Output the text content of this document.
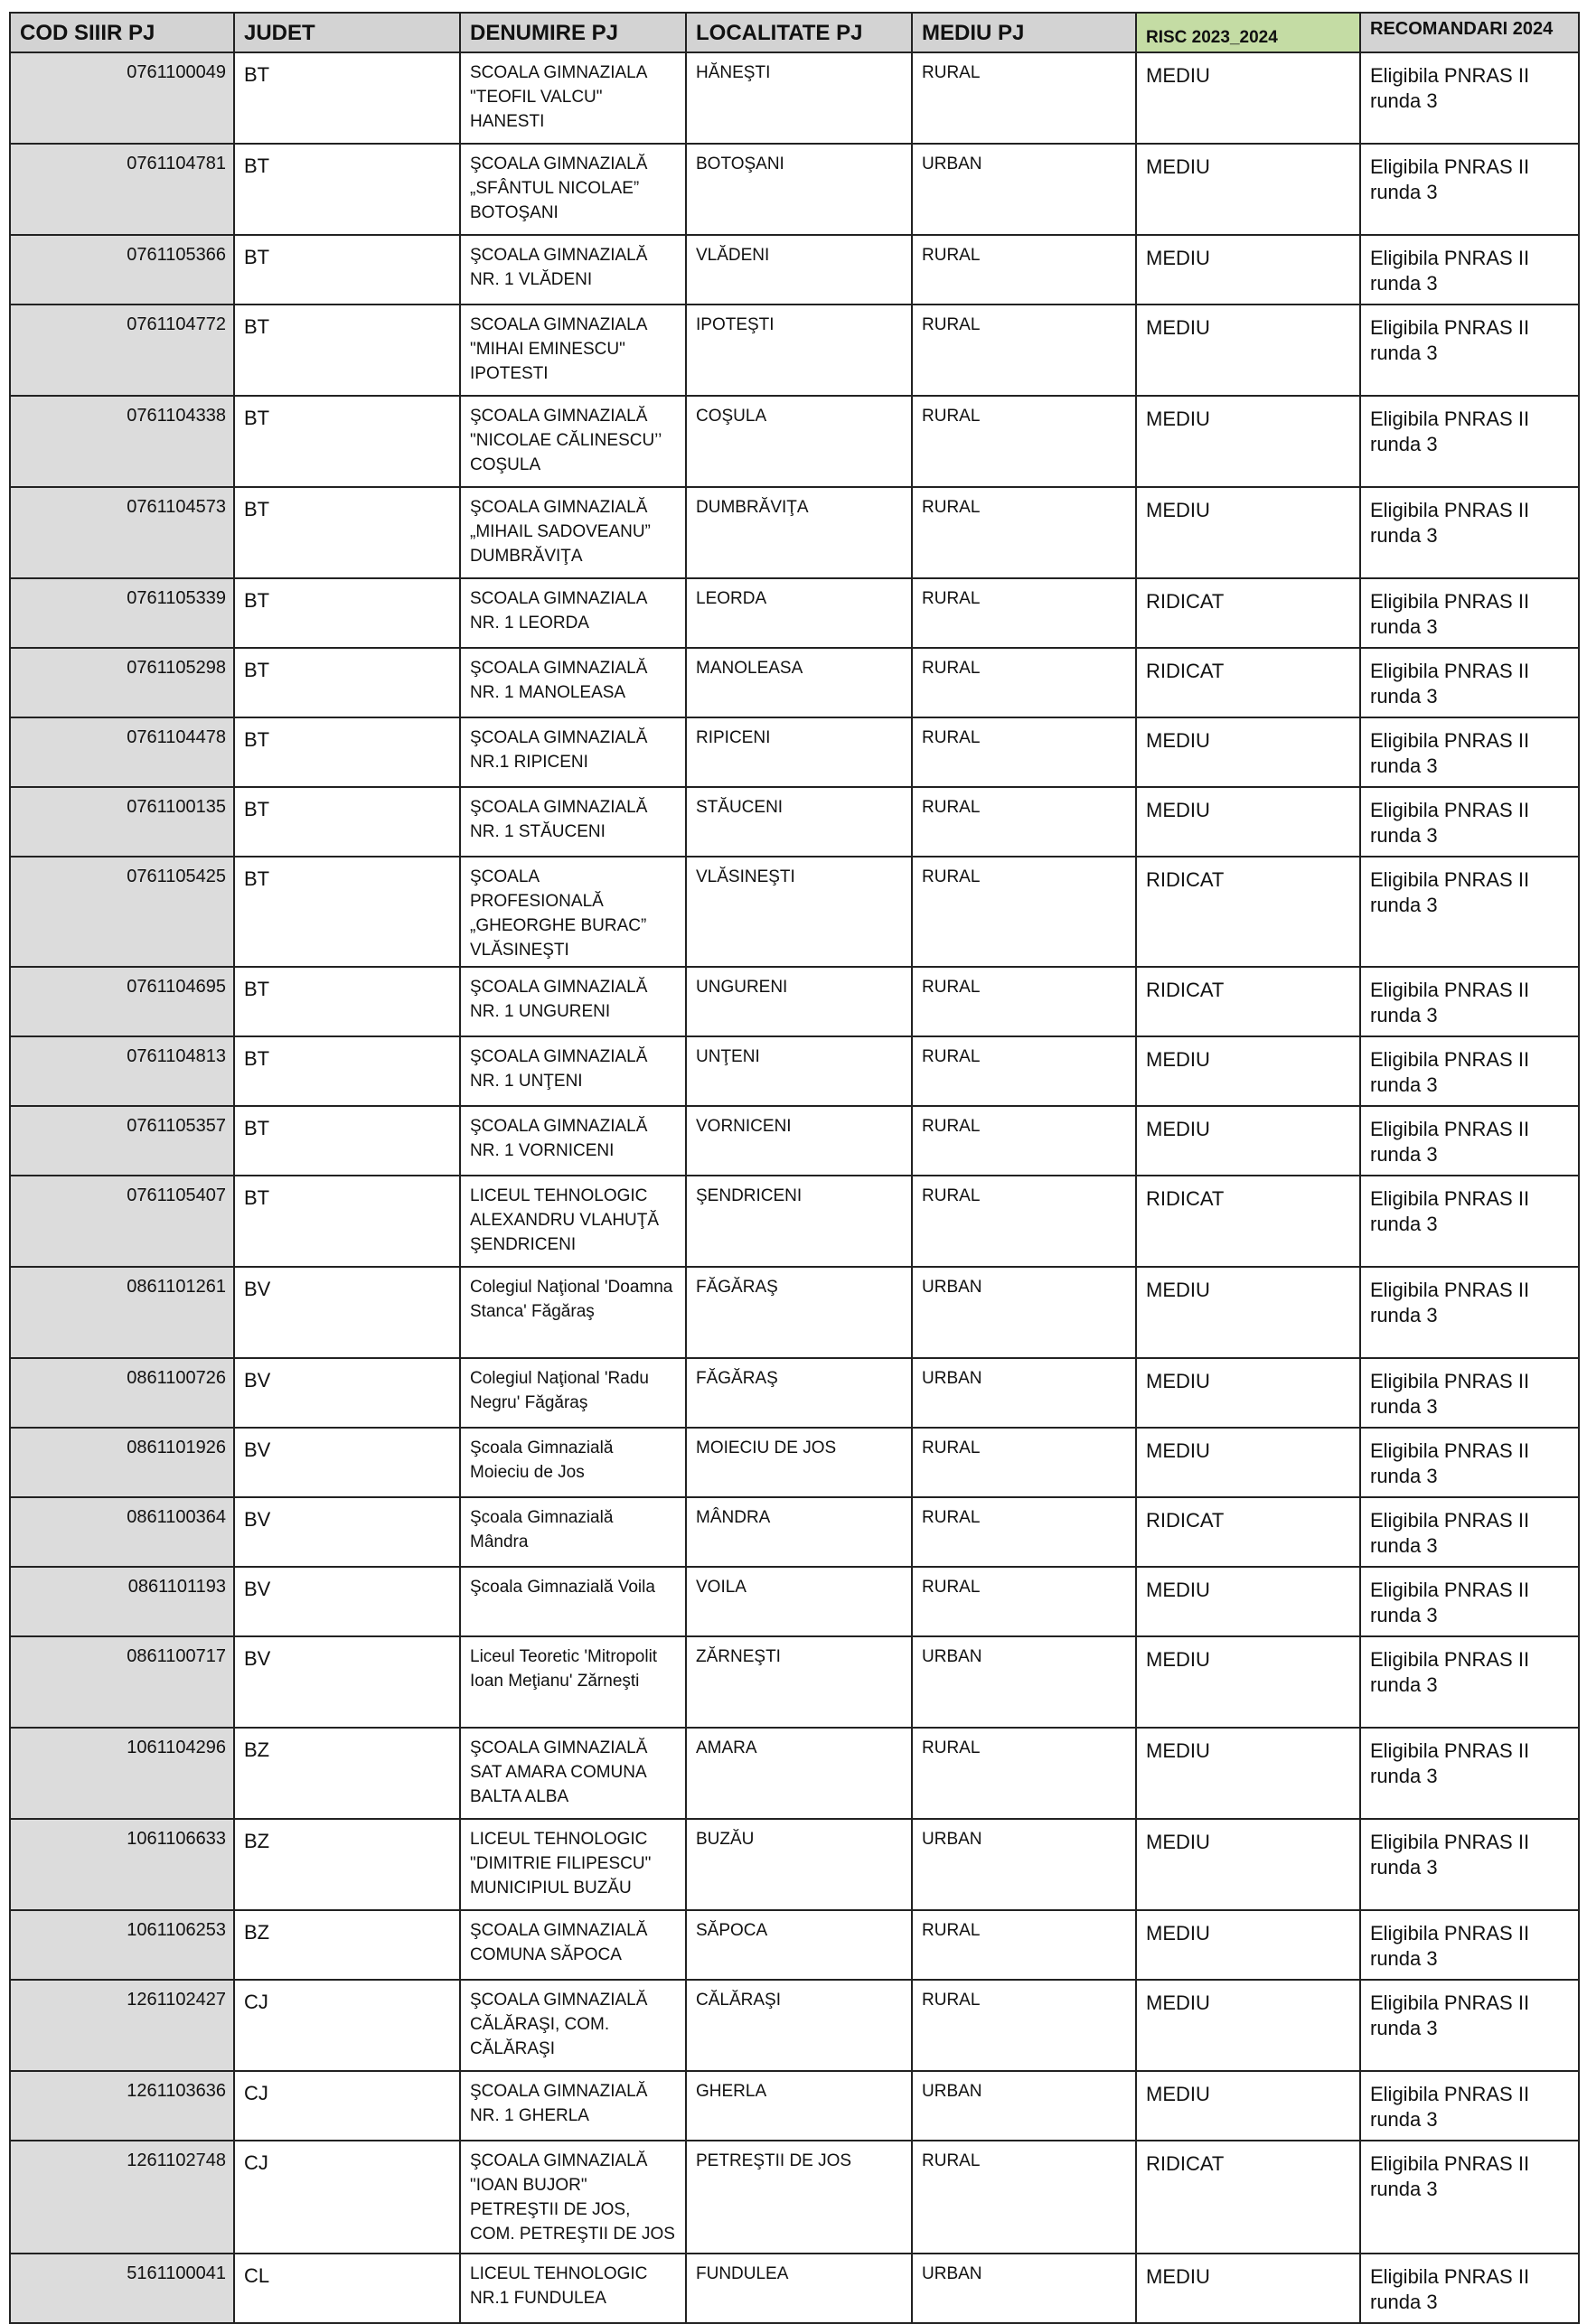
COD SIIIR PJ	JUDET	DENUMIRE PJ	LOCALITATE PJ	MEDIU PJ	RISC 2023_2024	RECOMANDARI 2024
0761100049	BT	SCOALA GIMNAZIALA "TEOFIL VALCU" HANESTI	HĂNEŞTI	RURAL	MEDIU	Eligibila PNRAS II runda 3

0761104781	BT	ŞCOALA GIMNAZIALĂ „SFÂNTUL NICOLAE” BOTOŞANI	BOTOŞANI	URBAN	MEDIU	Eligibila PNRAS II runda 3

0761105366	BT	ŞCOALA GIMNAZIALĂ NR. 1 VLĂDENI	VLĂDENI	RURAL	MEDIU	Eligibila PNRAS II runda 3

0761104772	BT	SCOALA GIMNAZIALA "MIHAI EMINESCU" IPOTESTI	IPOTEŞTI	RURAL	MEDIU	Eligibila PNRAS II runda 3

0761104338	BT	ŞCOALA GIMNAZIALĂ "NICOLAE CĂLINESCU’’ COŞULA	COŞULA	RURAL	MEDIU	Eligibila PNRAS II runda 3

0761104573	BT	ŞCOALA GIMNAZIALĂ „MIHAIL SADOVEANU” DUMBRĂVIŢA	DUMBRĂVIŢA	RURAL	MEDIU	Eligibila PNRAS II runda 3

0761105339	BT	SCOALA GIMNAZIALA NR. 1 LEORDA	LEORDA	RURAL	RIDICAT	Eligibila PNRAS II runda 3

0761105298	BT	ŞCOALA GIMNAZIALĂ NR. 1 MANOLEASA	MANOLEASA	RURAL	RIDICAT	Eligibila PNRAS II runda 3

0761104478	BT	ŞCOALA GIMNAZIALĂ NR.1 RIPICENI	RIPICENI	RURAL	MEDIU	Eligibila PNRAS II runda 3

0761100135	BT	ŞCOALA GIMNAZIALĂ NR. 1 STĂUCENI	STĂUCENI	RURAL	MEDIU	Eligibila PNRAS II runda 3

0761105425	BT	ŞCOALA PROFESIONALĂ „GHEORGHE BURAC” VLĂSINEŞTI	VLĂSINEŞTI	RURAL	RIDICAT	Eligibila PNRAS II runda 3

0761104695	BT	ŞCOALA GIMNAZIALĂ NR. 1 UNGURENI	UNGURENI	RURAL	RIDICAT	Eligibila PNRAS II runda 3

0761104813	BT	ŞCOALA GIMNAZIALĂ NR. 1 UNŢENI	UNŢENI	RURAL	MEDIU	Eligibila PNRAS II runda 3

0761105357	BT	ŞCOALA GIMNAZIALĂ NR. 1 VORNICENI	VORNICENI	RURAL	MEDIU	Eligibila PNRAS II runda 3

0761105407	BT	LICEUL TEHNOLOGIC ALEXANDRU VLAHUŢĂ ŞENDRICENI	ŞENDRICENI	RURAL	RIDICAT	Eligibila PNRAS II runda 3

0861101261	BV	Colegiul Naţional 'Doamna Stanca' Făgăraş	FĂGĂRAŞ	URBAN	MEDIU	Eligibila PNRAS II runda 3

0861100726	BV	Colegiul Naţional 'Radu Negru' Făgăraş	FĂGĂRAŞ	URBAN	MEDIU	Eligibila PNRAS II runda 3

0861101926	BV	Şcoala Gimnazială Moieciu de Jos	MOIECIU DE JOS	RURAL	MEDIU	Eligibila PNRAS II runda 3

0861100364	BV	Şcoala Gimnazială Mândra	MÂNDRA	RURAL	RIDICAT	Eligibila PNRAS II runda 3

0861101193	BV	Şcoala Gimnazială Voila	VOILA	RURAL	MEDIU	Eligibila PNRAS II runda 3

0861100717	BV	Liceul Teoretic 'Mitropolit Ioan Meţianu' Zărneşti	ZĂRNEŞTI	URBAN	MEDIU	Eligibila PNRAS II runda 3

1061104296	BZ	ŞCOALA GIMNAZIALĂ SAT AMARA COMUNA BALTA ALBA	AMARA	RURAL	MEDIU	Eligibila PNRAS II runda 3

1061106633	BZ	LICEUL TEHNOLOGIC "DIMITRIE FILIPESCU" MUNICIPIUL BUZĂU	BUZĂU	URBAN	MEDIU	Eligibila PNRAS II runda 3

1061106253	BZ	ŞCOALA GIMNAZIALĂ COMUNA SĂPOCA	SĂPOCA	RURAL	MEDIU	Eligibila PNRAS II runda 3

1261102427	CJ	ŞCOALA GIMNAZIALĂ CĂLĂRAŞI, COM. CĂLĂRAŞI	CĂLĂRAŞI	RURAL	MEDIU	Eligibila PNRAS II runda 3

1261103636	CJ	ŞCOALA GIMNAZIALĂ NR. 1 GHERLA	GHERLA	URBAN	MEDIU	Eligibila PNRAS II runda 3

1261102748	CJ	ŞCOALA GIMNAZIALĂ "IOAN BUJOR" PETREŞTII DE JOS, COM. PETREŞTII DE JOS	PETREŞTII DE JOS	RURAL	RIDICAT	Eligibila PNRAS II runda 3

5161100041	CL	LICEUL TEHNOLOGIC NR.1 FUNDULEA	FUNDULEA	URBAN	MEDIU	Eligibila PNRAS II runda 3
